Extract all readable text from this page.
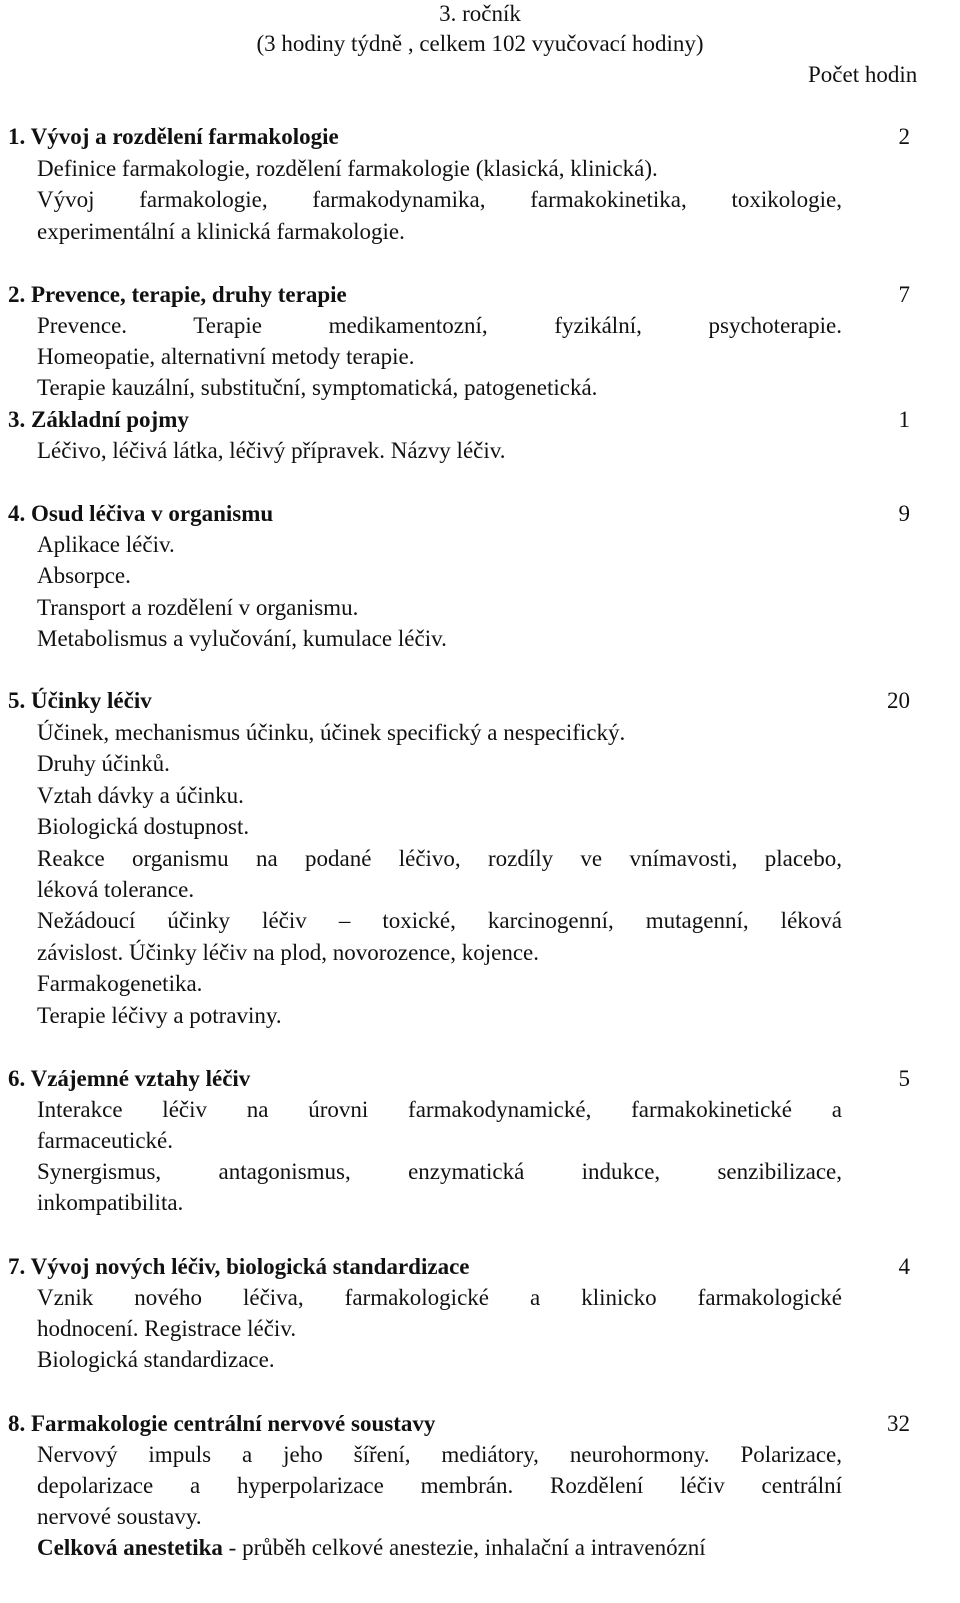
3. ročník
(3 hodiny týdně , celkem 102 vyučovací hodiny)
Počet hodin
1. Vývoj a rozdělení farmakologie	2
Definice farmakologie, rozdělení farmakologie (klasická, klinická).
Vývoj farmakologie, farmakodynamika, farmakokinetika, toxikologie,
experimentální a klinická farmakologie.
2. Prevence, terapie, druhy terapie	7
Prevence. Terapie medikamentozní, fyzikální, psychoterapie.
Homeopatie, alternativní metody terapie.
Terapie kauzální, substituční, symptomatická, patogenetická.
3. Základní pojmy	1
Léčivo, léčivá látka, léčivý přípravek. Názvy léčiv.
4. Osud léčiva v organismu	9
Aplikace léčiv.
Absorpce.
Transport a rozdělení v organismu.
Metabolismus a vylučování, kumulace léčiv.
5. Účinky léčiv	20
Účinek, mechanismus účinku, účinek specifický a nespecifický.
Druhy účinků.
Vztah dávky a účinku.
Biologická dostupnost.
Reakce organismu na podané léčivo, rozdíly ve vnímavosti, placebo,
léková tolerance.
Nežádoucí účinky léčiv – toxické, karcinogenní, mutagenní, léková
závislost. Účinky léčiv na plod, novorozence, kojence.
Farmakogenetika.
Terapie léčivy a potraviny.
6. Vzájemné vztahy léčiv	5
Interakce léčiv na úrovni farmakodynamické, farmakokinetické a
farmaceutické.
Synergismus, antagonismus, enzymatická indukce, senzibilizace,
inkompatibilita.
7. Vývoj nových léčiv, biologická standardizace	4
Vznik nového léčiva, farmakologické a klinicko farmakologické
hodnocení. Registrace léčiv.
Biologická standardizace.
8. Farmakologie centrální nervové soustavy	32
Nervový impuls a jeho šíření, mediátory, neurohormony. Polarizace,
depolarizace a hyperpolarizace membrán. Rozdělení léčiv centrální
nervové soustavy.
Celková anestetika - průběh celkové anestezie, inhalační a intravenózní
